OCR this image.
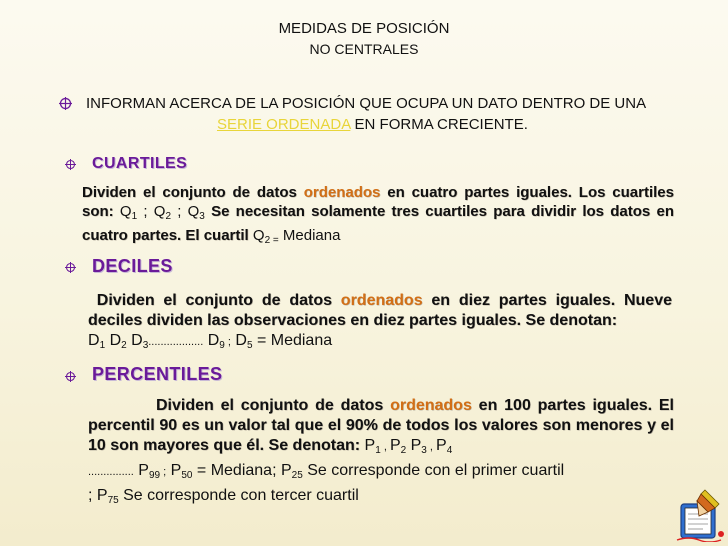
MEDIDAS DE POSICIÓN
NO CENTRALES
INFORMAN ACERCA DE LA POSICIÓN QUE OCUPA UN DATO DENTRO DE UNA
SERIE ORDENADA EN FORMA CRECIENTE.
CUARTILES
Dividen el conjunto de datos ordenados en cuatro partes iguales. Los cuartiles son: $Q_1$ ; $Q_2$ ; $Q_3$ Se necesitan solamente tres cuartiles para dividir los datos en cuatro partes. El cuartil $Q_{2 =}$ Mediana
DECILES
Dividen el conjunto de datos ordenados en diez partes iguales. Nueve deciles dividen las observaciones en diez partes iguales. Se denotan:
$D_1$ $D_2$ $D_3$.................. $D_9$ ; $D_5$ = Mediana
PERCENTILES
Dividen el conjunto de datos ordenados en 100 partes iguales. El percentil 90 es un valor tal que el 90% de todos los valores son menores y el 10 son mayores que él. Se denotan: $P_1$ , $P_2$ $P_3$ , $P_4$
............... $P_{99}$ ; $P_{50}$ = Mediana; $P_{25}$ Se corresponde con el primer cuartil
; $P_{75}$ Se corresponde con tercer cuartil
